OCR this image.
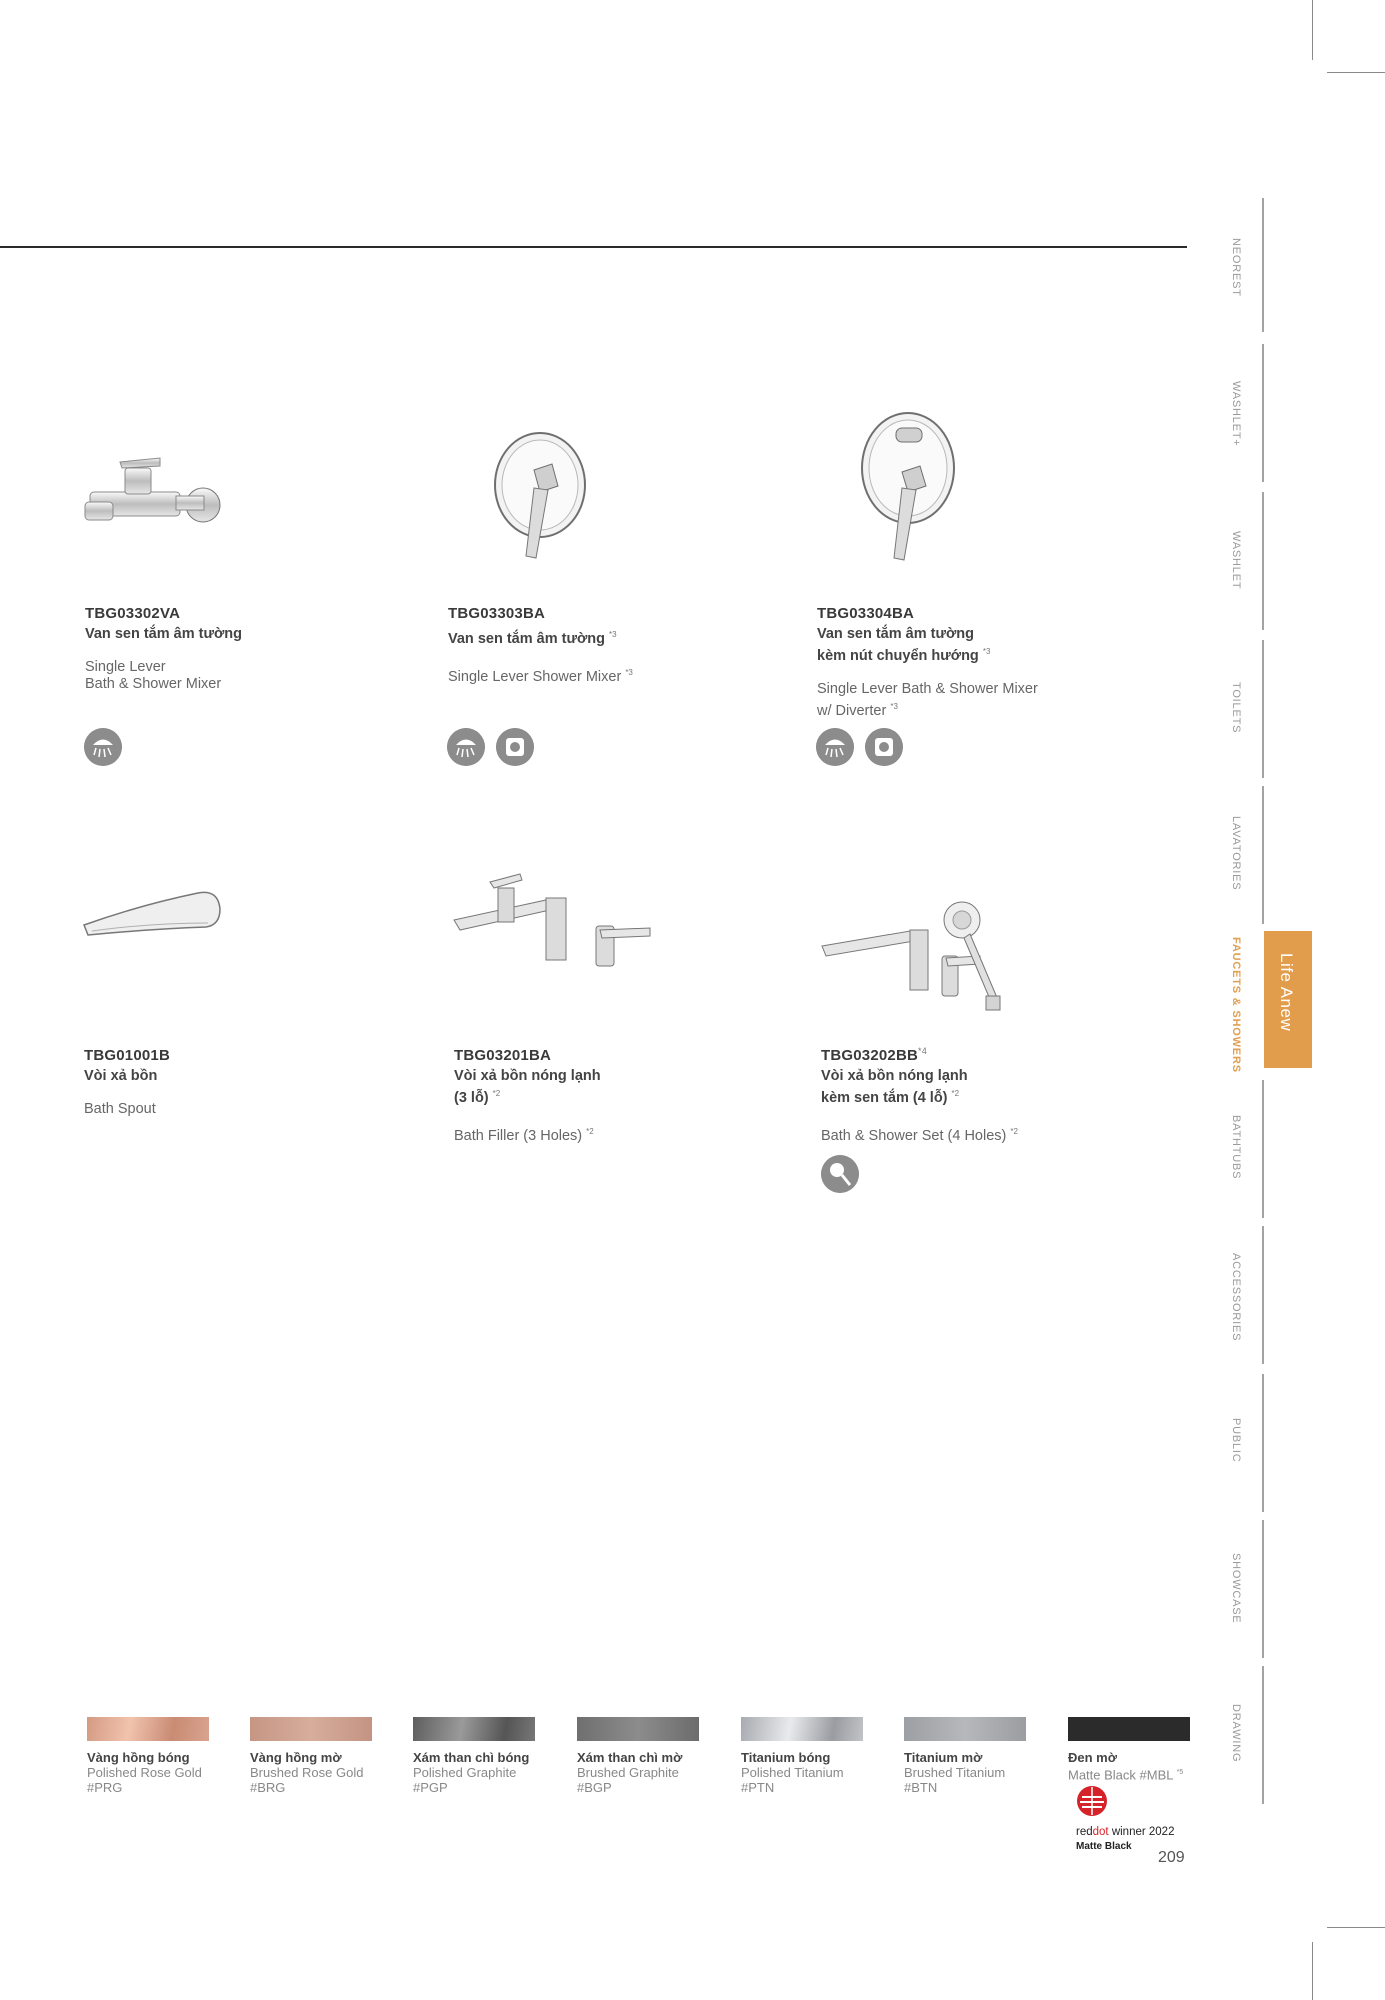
TBG03302VA

Van sen tắm âm tường

Single Lever
Bath & Shower Mixer

TBG03303BA

Van sen tắm âm tường $^{*3}$

Single Lever Shower Mixer $^{*3}$

TBG03304BA

Van sen tắm âm tường
kèm nút chuyển hướng $^{*3}$

Single Lever Bath & Shower Mixer
w/ Diverter $^{*3}$

TBG01001B

Vòi xả bồn

Bath Spout

TBG03201BA

Vòi xả bồn nóng lạnh
(3 lỗ) $^{*2}$

Bath Filler (3 Holes) $^{*2}$

TBG03202BB$^{*4}$

Vòi xả bồn nóng lạnh
kèm sen tắm (4 lỗ) $^{*2}$

Bath & Shower Set (4 Holes) $^{*2}$

NEOREST
WASHLET+
WASHLET
TOILETS
LAVATORIES
FAUCETS & SHOWERS
BATHTUBS
ACCESSORIES
PUBLIC
SHOWCASE
DRAWING
Life Anew
Vàng hồng bóng
Polished Rose Gold
#PRG
Vàng hồng mờ
Brushed Rose Gold
#BRG
Xám than chì bóng
Polished Graphite
#PGP
Xám than chì mờ
Brushed Graphite
#BGP
Titanium bóng
Polished Titanium
#PTN
Titanium mờ
Brushed Titanium
#BTN
Đen mờ
Matte Black #MBL $^{*5}$
reddot winner 2022
Matte Black
209
